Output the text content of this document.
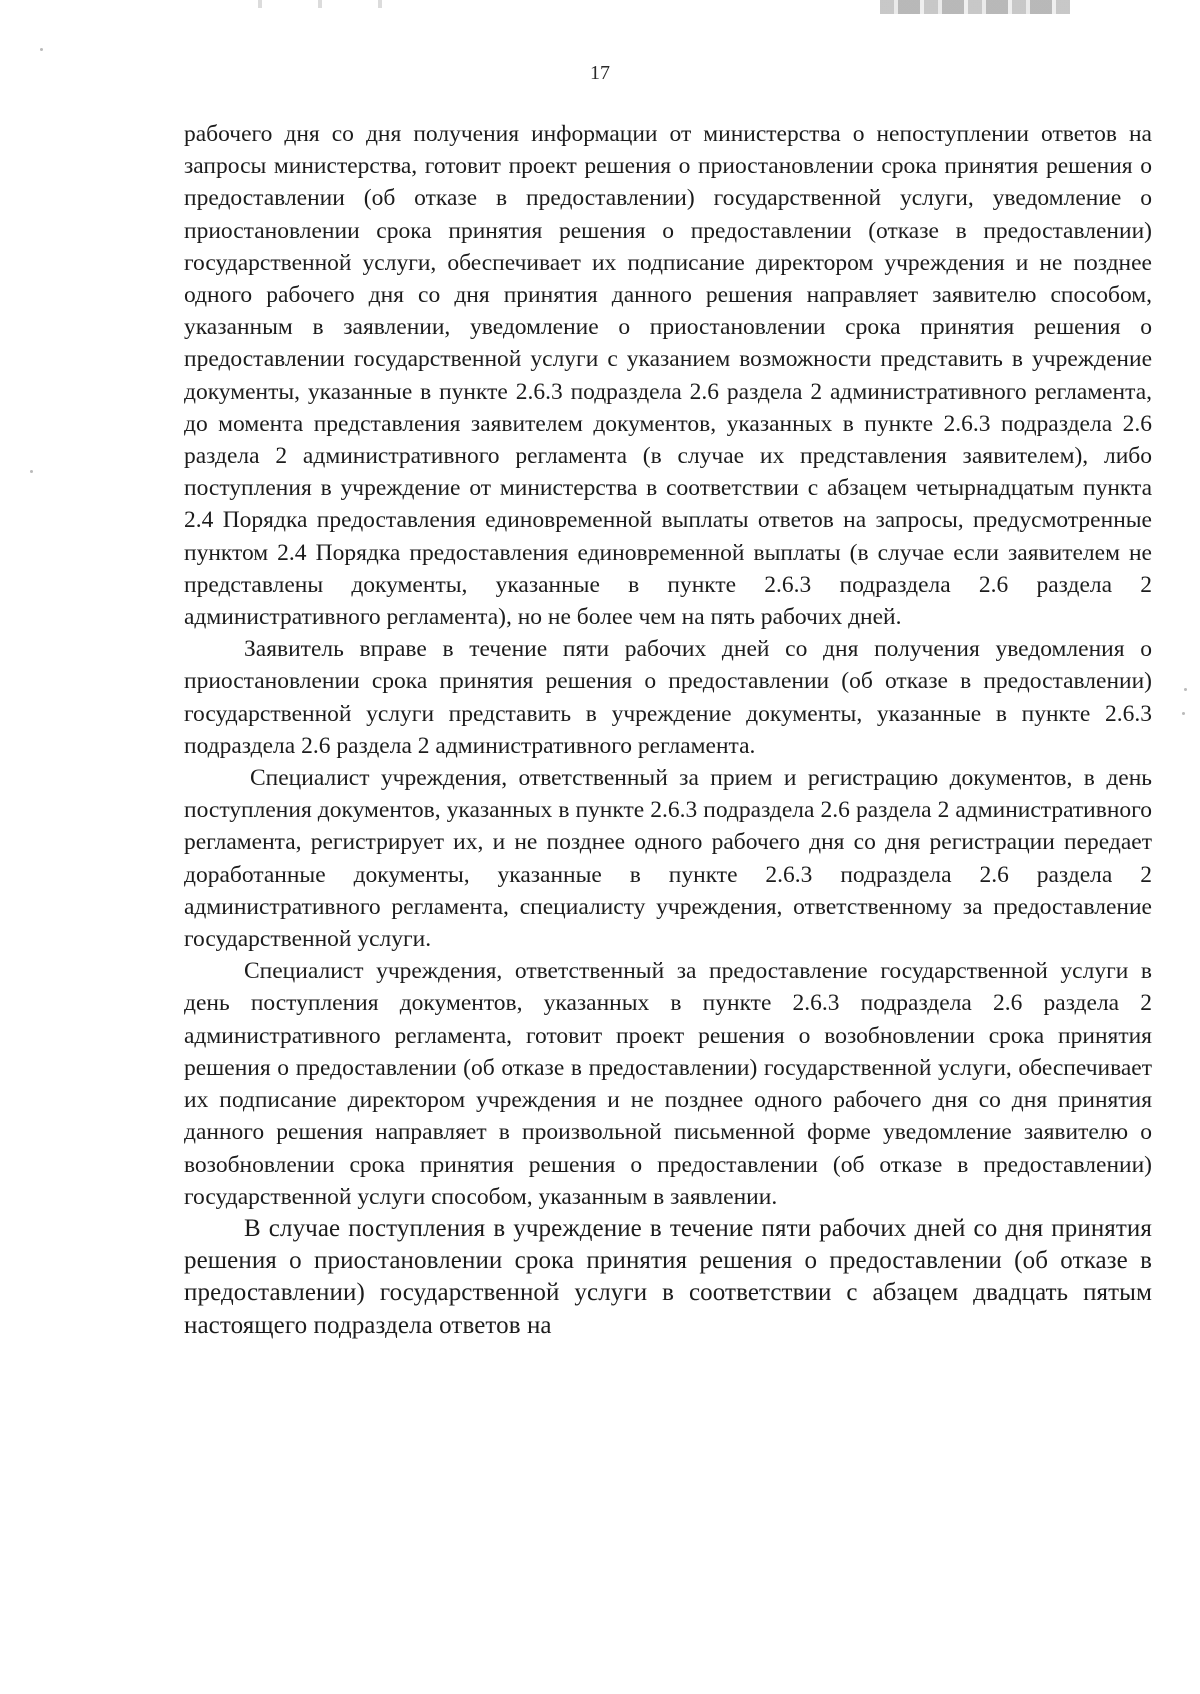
17

рабочего дня со дня получения информации от министерства о непоступлении ответов на запросы министерства, готовит проект решения о приостановлении срока принятия решения о предоставлении (об отказе в предоставлении) государственной услуги, уведомление о приостановлении срока принятия решения о предоставлении (отказе в предоставлении) государственной услуги, обеспечивает их подписание директором учреждения и не позднее одного рабочего дня со дня принятия данного решения направляет заявителю способом, указанным в заявлении, уведомление о приостановлении срока принятия решения о предоставлении государственной услуги с указанием возможности представить в учреждение документы, указанные в пункте 2.6.3 подраздела 2.6 раздела 2 административного регламента, до момента представления заявителем документов, указанных в пункте 2.6.3 подраздела 2.6 раздела 2 административного регламента (в случае их представления заявителем), либо поступления в учреждение от министерства в соответствии с абзацем четырнадцатым пункта 2.4 Порядка предоставления единовременной выплаты ответов на запросы, предусмотренные пунктом 2.4 Порядка предоставления единовременной выплаты (в случае если заявителем не представлены документы, указанные в пункте 2.6.3 подраздела 2.6 раздела 2 административного регламента), но не более чем на пять рабочих дней.

Заявитель вправе в течение пяти рабочих дней со дня получения уведомления о приостановлении срока принятия решения о предоставлении (об отказе в предоставлении) государственной услуги представить в учреждение документы, указанные в пункте 2.6.3 подраздела 2.6 раздела 2 административного регламента.

Специалист учреждения, ответственный за прием и регистрацию документов, в день поступления документов, указанных в пункте 2.6.3 подраздела 2.6 раздела 2 административного регламента, регистрирует их, и не позднее одного рабочего дня со дня регистрации передает доработанные документы, указанные в пункте 2.6.3 подраздела 2.6 раздела 2 административного регламента, специалисту учреждения, ответственному за предоставление государственной услуги.

Специалист учреждения, ответственный за предоставление государственной услуги в день поступления документов, указанных в пункте 2.6.3 подраздела 2.6 раздела 2 административного регламента, готовит проект решения о возобновлении срока принятия решения о предоставлении (об отказе в предоставлении) государственной услуги, обеспечивает их подписание директором учреждения и не позднее одного рабочего дня со дня принятия данного решения направляет в произвольной письменной форме уведомление заявителю о возобновлении срока принятия решения о предоставлении (об отказе в предоставлении) государственной услуги способом, указанным в заявлении.

В случае поступления в учреждение в течение пяти рабочих дней со дня принятия решения о приостановлении срока принятия решения о предоставлении (об отказе в предоставлении) государственной услуги в соответствии с абзацем двадцать пятым настоящего подраздела ответов на
